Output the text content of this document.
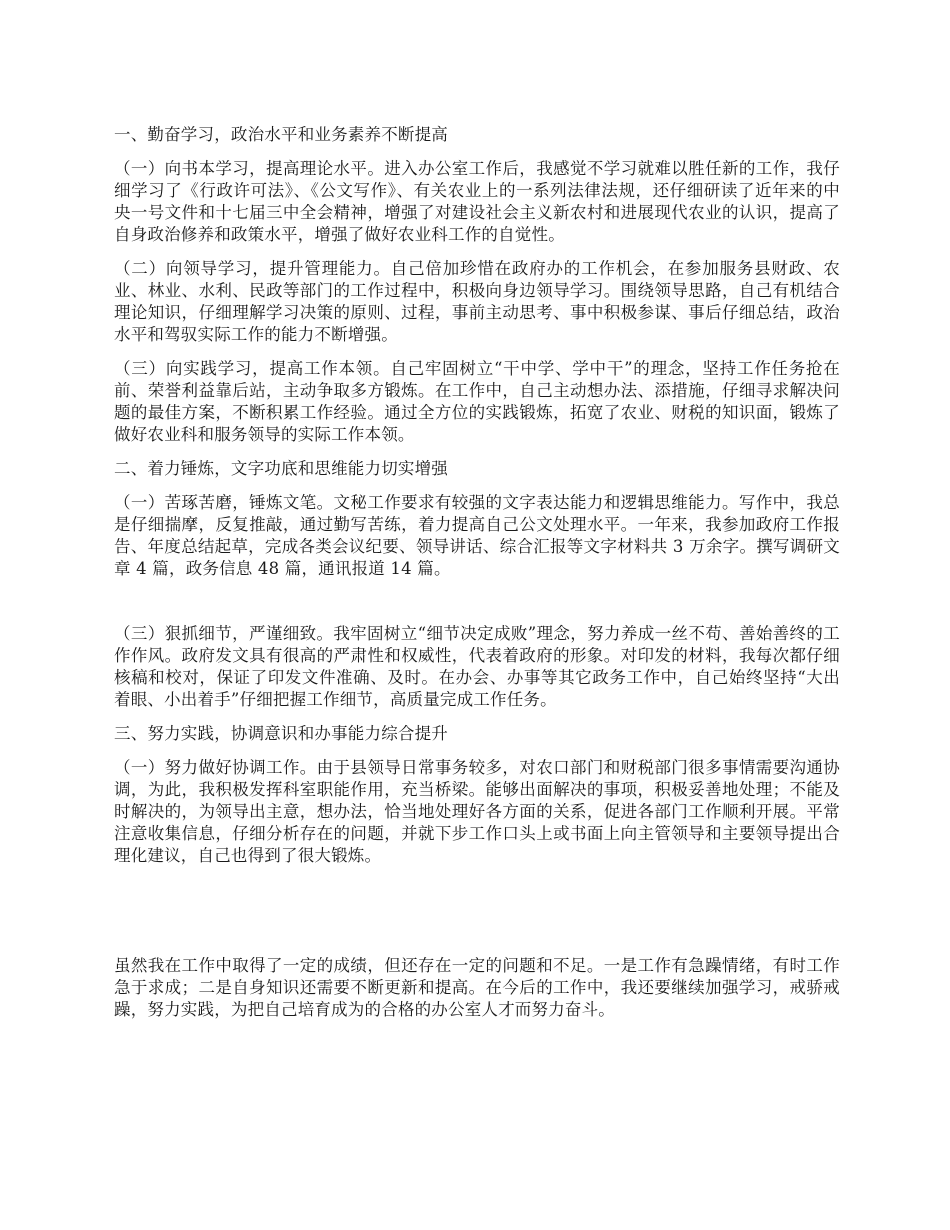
一、勤奋学习，政治水平和业务素养不断提高

（一）向书本学习，提高理论水平。进入办公室工作后，我感觉不学习就难以胜任新的工作，我仔细学习了《行政许可法》、《公文写作》、有关农业上的一系列法律法规，还仔细研读了近年来的中央一号文件和十七届三中全会精神，增强了对建设社会主义新农村和进展现代农业的认识，提高了自身政治修养和政策水平，增强了做好农业科工作的自觉性。

（二）向领导学习，提升管理能力。自己倍加珍惜在政府办的工作机会，在参加服务县财政、农业、林业、水利、民政等部门的工作过程中，积极向身边领导学习。围绕领导思路，自己有机结合理论知识，仔细理解学习决策的原则、过程，事前主动思考、事中积极参谋、事后仔细总结，政治水平和驾驭实际工作的能力不断增强。

（三）向实践学习，提高工作本领。自己牢固树立“干中学、学中干”的理念，坚持工作任务抢在前、荣誉利益靠后站，主动争取多方锻炼。在工作中，自己主动想办法、添措施，仔细寻求解决问题的最佳方案，不断积累工作经验。通过全方位的实践锻炼，拓宽了农业、财税的知识面，锻炼了做好农业科和服务领导的实际工作本领。

二、着力锤炼，文字功底和思维能力切实增强

（一）苦琢苦磨，锤炼文笔。文秘工作要求有较强的文字表达能力和逻辑思维能力。写作中，我总是仔细揣摩，反复推敲，通过勤写苦练，着力提高自己公文处理水平。一年来，我参加政府工作报告、年度总结起草，完成各类会议纪要、领导讲话、综合汇报等文字材料共 3 万余字。撰写调研文章 4 篇，政务信息 48 篇，通讯报道 14 篇。

（三）狠抓细节，严谨细致。我牢固树立“细节决定成败”理念，努力养成一丝不苟、善始善终的工作作风。政府发文具有很高的严肃性和权威性，代表着政府的形象。对印发的材料，我每次都仔细核稿和校对，保证了印发文件准确、及时。在办会、办事等其它政务工作中，自己始终坚持“大出着眼、小出着手”仔细把握工作细节，高质量完成工作任务。

三、努力实践，协调意识和办事能力综合提升

（一）努力做好协调工作。由于县领导日常事务较多，对农口部门和财税部门很多事情需要沟通协调，为此，我积极发挥科室职能作用，充当桥梁。能够出面解决的事项，积极妥善地处理；不能及时解决的，为领导出主意，想办法，恰当地处理好各方面的关系，促进各部门工作顺利开展。平常注意收集信息，仔细分析存在的问题，并就下步工作口头上或书面上向主管领导和主要领导提出合理化建议，自己也得到了很大锻炼。

虽然我在工作中取得了一定的成绩，但还存在一定的问题和不足。一是工作有急躁情绪，有时工作急于求成；二是自身知识还需要不断更新和提高。在今后的工作中，我还要继续加强学习，戒骄戒躁，努力实践，为把自己培育成为的合格的办公室人才而努力奋斗。
